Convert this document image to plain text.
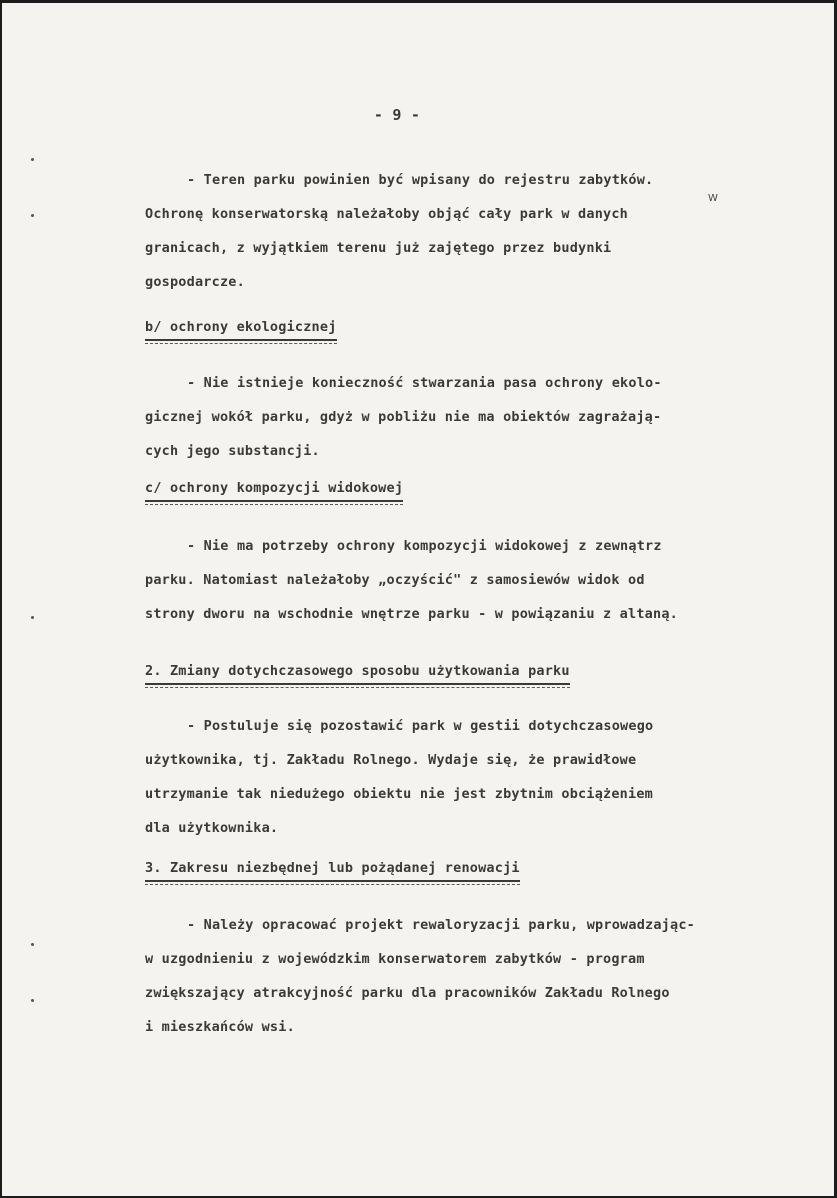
- 9 -
- Teren parku powinien być wpisany do rejestru zabytków.
Ochronę konserwatorską należałoby objąć cały park w danych
granicach, z wyjątkiem terenu już zajętego przez budynki
gospodarcze.
W
b/ ochrony ekologicznej
- Nie istnieje konieczność stwarzania pasa ochrony ekolo-
gicznej wokół parku, gdyż w pobliżu nie ma obiektów zagrażają-
cych jego substancji.
c/ ochrony kompozycji widokowej
- Nie ma potrzeby ochrony kompozycji widokowej z zewnątrz
parku. Natomiast należałoby „oczyścić" z samosiewów widok od
strony dworu na wschodnie wnętrze parku - w powiązaniu z altaną.
2. Zmiany dotychczasowego sposobu użytkowania parku
- Postuluje się pozostawić park w gestii dotychczasowego
użytkownika, tj. Zakładu Rolnego. Wydaje się, że prawidłowe
utrzymanie tak niedużego obiektu nie jest zbytnim obciążeniem
dla użytkownika.
3. Zakresu niezbędnej lub pożądanej renowacji
- Należy opracować projekt rewaloryzacji parku, wprowadzając-
w uzgodnieniu z wojewódzkim konserwatorem zabytków - program
zwiększający atrakcyjność parku dla pracowników Zakładu Rolnego
i mieszkańców wsi.
